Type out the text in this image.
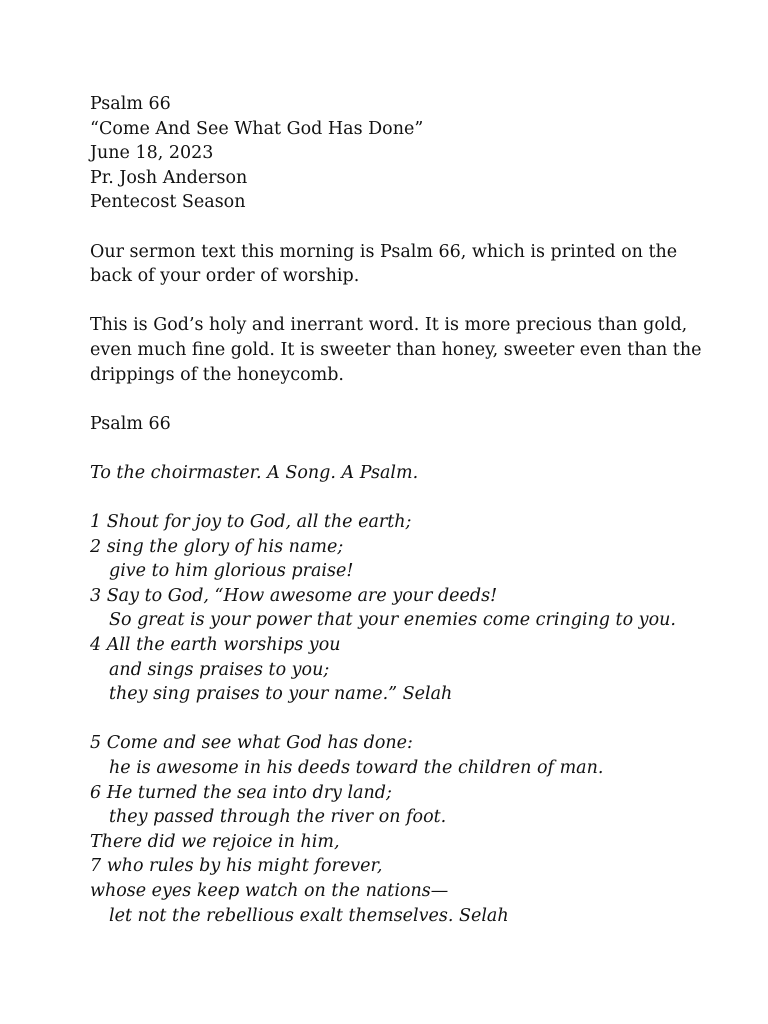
Psalm 66
“Come And See What God Has Done”
June 18, 2023
Pr. Josh Anderson
Pentecost Season
Our sermon text this morning is Psalm 66, which is printed on the
back of your order of worship.
This is God’s holy and inerrant word. It is more precious than gold,
even much fine gold. It is sweeter than honey, sweeter even than the
drippings of the honeycomb.
Psalm 66
To the choirmaster. A Song. A Psalm.
1 Shout for joy to God, all the earth;
2 sing the glory of his name;
give to him glorious praise!
3 Say to God, “How awesome are your deeds!
So great is your power that your enemies come cringing to you.
4 All the earth worships you
and sings praises to you;
they sing praises to your name.” Selah
5 Come and see what God has done:
he is awesome in his deeds toward the children of man.
6 He turned the sea into dry land;
they passed through the river on foot.
There did we rejoice in him,
7 who rules by his might forever,
whose eyes keep watch on the nations—
let not the rebellious exalt themselves. Selah
